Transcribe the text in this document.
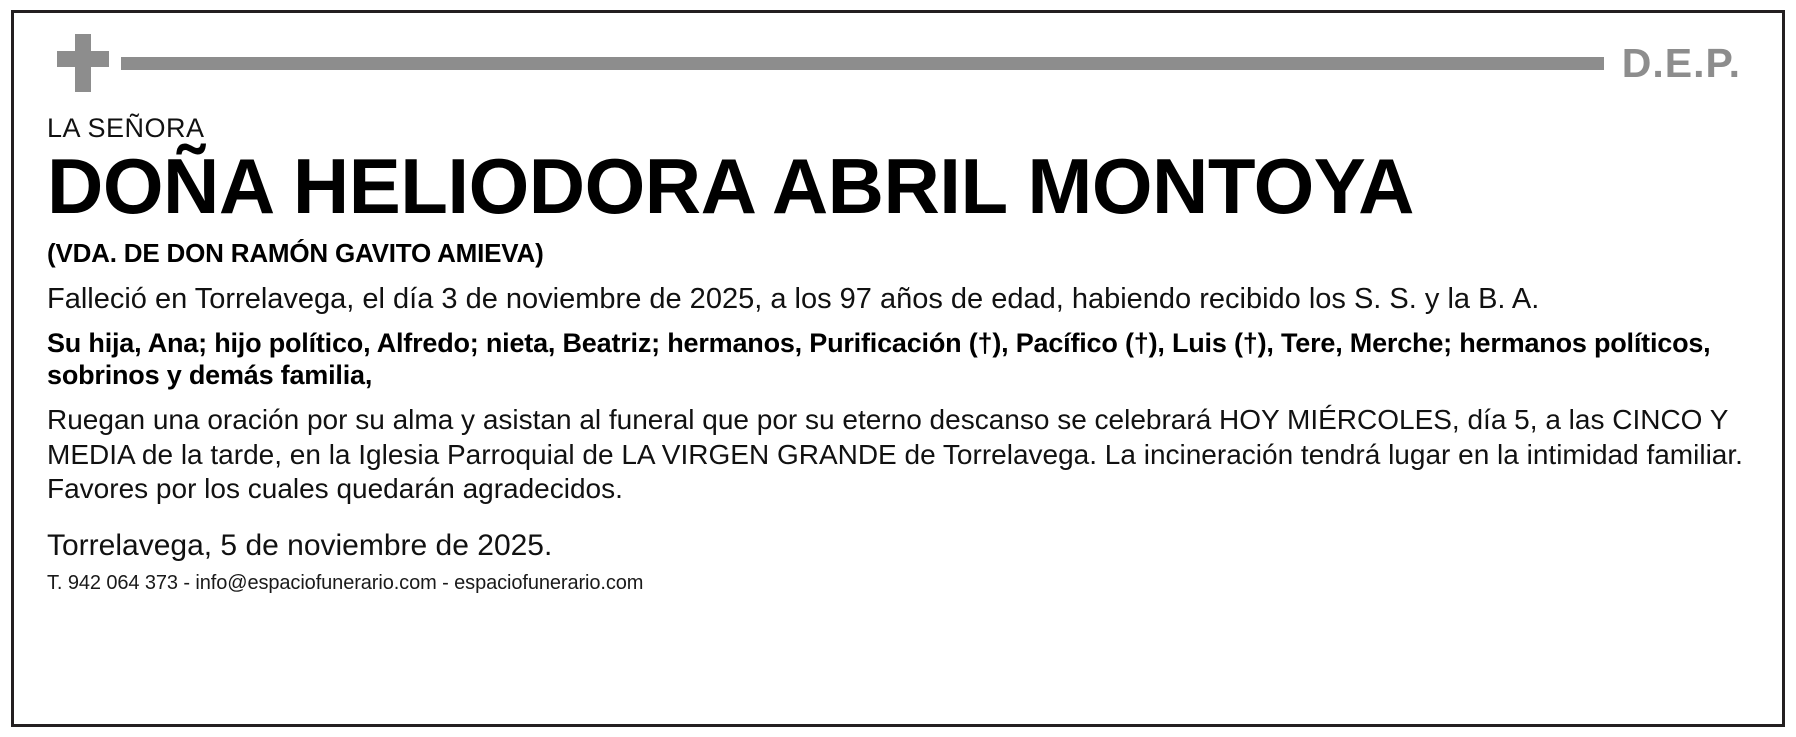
D.E.P.
LA SEÑORA
DOÑA HELIODORA ABRIL MONTOYA
(VDA. DE DON RAMÓN GAVITO AMIEVA)
Falleció en Torrelavega, el día 3 de noviembre de 2025, a los 97 años de edad, habiendo recibido los S. S. y la B. A.
Su hija, Ana; hijo político, Alfredo; nieta, Beatriz; hermanos, Purificación (†), Pacífico (†), Luis (†), Tere, Merche; hermanos políticos, sobrinos y demás familia,
Ruegan una oración por su alma y asistan al funeral que por su eterno descanso se celebrará HOY MIÉRCOLES, día 5, a las CINCO Y MEDIA de la tarde, en la Iglesia Parroquial de LA VIRGEN GRANDE de Torrelavega. La incineración tendrá lugar en la intimidad familiar. Favores por los cuales quedarán agradecidos.
Torrelavega, 5 de noviembre de 2025.
T. 942 064 373 - info@espaciofunerario.com - espaciofunerario.com
